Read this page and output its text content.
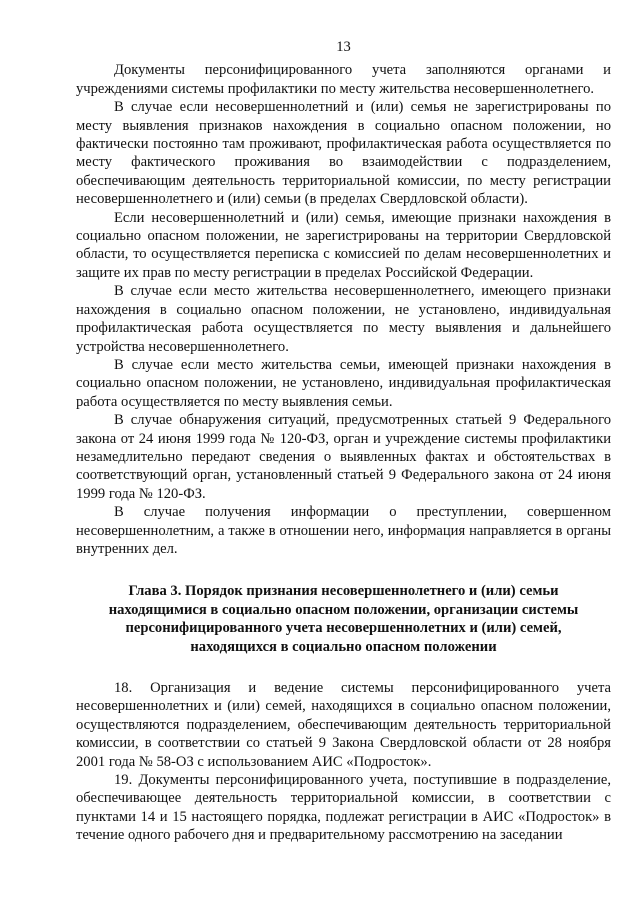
13

Документы персонифицированного учета заполняются органами и учреждениями системы профилактики по месту жительства несовершеннолетнего.

В случае если несовершеннолетний и (или) семья не зарегистрированы по месту выявления признаков нахождения в социально опасном положении, но фактически постоянно там проживают, профилактическая работа осуществляется по месту фактического проживания во взаимодействии с подразделением, обеспечивающим деятельность территориальной комиссии, по месту регистрации несовершеннолетнего и (или) семьи (в пределах Свердловской области).

Если несовершеннолетний и (или) семья, имеющие признаки нахождения в социально опасном положении, не зарегистрированы на территории Свердловской области, то осуществляется переписка с комиссией по делам несовершеннолетних и защите их прав по месту регистрации в пределах Российской Федерации.

В случае если место жительства несовершеннолетнего, имеющего признаки нахождения в социально опасном положении, не установлено, индивидуальная профилактическая работа осуществляется по месту выявления и дальнейшего устройства несовершеннолетнего.

В случае если место жительства семьи, имеющей признаки нахождения в социально опасном положении, не установлено, индивидуальная профилактическая работа осуществляется по месту выявления семьи.

В случае обнаружения ситуаций, предусмотренных статьей 9 Федерального закона от 24 июня 1999 года № 120-ФЗ, орган и учреждение системы профилактики незамедлительно передают сведения о выявленных фактах и обстоятельствах в соответствующий орган, установленный статьей 9 Федерального закона от 24 июня 1999 года № 120-ФЗ.

В случае получения информации о преступлении, совершенном несовершеннолетним, а также в отношении него, информация направляется в органы внутренних дел.

Глава 3. Порядок признания несовершеннолетнего и (или) семьи
находящимися в социально опасном положении, организации системы
персонифицированного учета несовершеннолетних и (или) семей,
находящихся в социально опасном положении

18. Организация и ведение системы персонифицированного учета несовершеннолетних и (или) семей, находящихся в социально опасном положении, осуществляются подразделением, обеспечивающим деятельность территориальной комиссии, в соответствии со статьей 9 Закона Свердловской области от 28 ноября 2001 года № 58-ОЗ с использованием АИС «Подросток».

19. Документы персонифицированного учета, поступившие в подразделение, обеспечивающее деятельность территориальной комиссии, в соответствии с пунктами 14 и 15 настоящего порядка, подлежат регистрации в АИС «Подросток» в течение одного рабочего дня и предварительному рассмотрению на заседании
